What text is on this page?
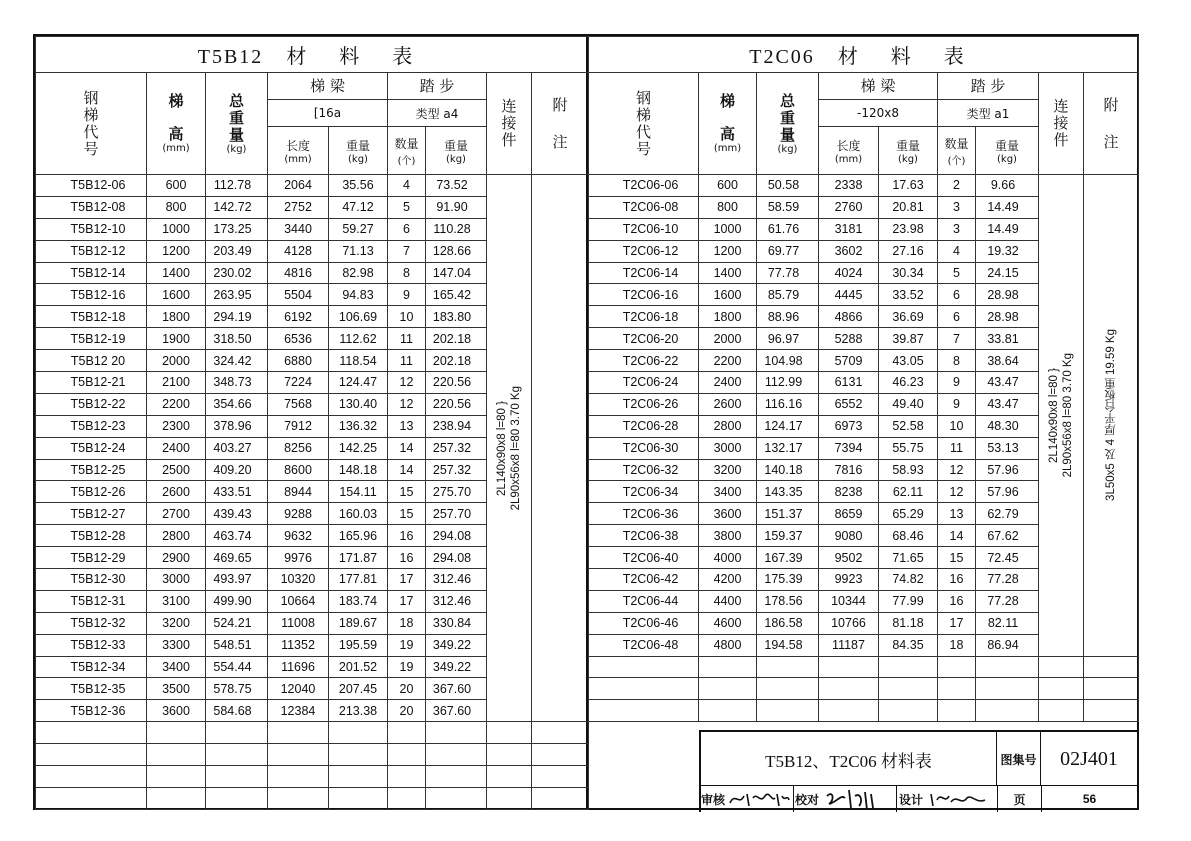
T5B12 材 料 表								

钢
梯
代
号	梯
高
(mm)	总
重
量
(kg)	梯 梁		踏 步		连
接
件	附
注

			[16a		类型 a4			

			长度
(mm)	重量
(kg)	数量
(个)	重量
(kg)		

T5B12-06	600	112.78	2064	35.56	4	73.52	2L140x90x8 l=80 } 2L90x56x8 l=80 3.70 Kg	

T5B12-08	800	142.72	2752	47.12	5	91.90		
T5B12-10	1000	173.25	3440	59.27	6	110.28		
T5B12-12	1200	203.49	4128	71.13	7	128.66		
T5B12-14	1400	230.02	4816	82.98	8	147.04		
T5B12-16	1600	263.95	5504	94.83	9	165.42		
T5B12-18	1800	294.19	6192	106.69	10	183.80		
T5B12-19	1900	318.50	6536	112.62	11	202.18		
T5B12 20	2000	324.42	6880	118.54	11	202.18		
T5B12-21	2100	348.73	7224	124.47	12	220.56		
T5B12-22	2200	354.66	7568	130.40	12	220.56		
T5B12-23	2300	378.96	7912	136.32	13	238.94		
T5B12-24	2400	403.27	8256	142.25	14	257.32		
T5B12-25	2500	409.20	8600	148.18	14	257.32		
T5B12-26	2600	433.51	8944	154.11	15	275.70		
T5B12-27	2700	439.43	9288	160.03	15	257.70		
T5B12-28	2800	463.74	9632	165.96	16	294.08		
T5B12-29	2900	469.65	9976	171.87	16	294.08		
T5B12-30	3000	493.97	10320	177.81	17	312.46		
T5B12-31	3100	499.90	10664	183.74	17	312.46		
T5B12-32	3200	524.21	11008	189.67	18	330.84		
T5B12-33	3300	548.51	11352	195.59	19	349.22		
T5B12-34	3400	554.44	11696	201.52	19	349.22		
T5B12-35	3500	578.75	12040	207.45	20	367.60		
T5B12-36	3600	584.68	12384	213.38	20	367.60		

T2C06 材 料 表								

钢
梯
代
号	梯
高
(mm)	总
重
量
(kg)	梯 梁		踏 步		连
接
件	附
注

			-120x8		类型 a1			

			长度
(mm)	重量
(kg)	数量
(个)	重量
(kg)		

T2C06-06	600	50.58	2338	17.63	2	9.66	2L140x90x8 l=80 } 2L90x56x8 l=80 3.70 Kg	3L50x5 及 4 厚平台板重 19.59 Kg

T2C06-08	800	58.59	2760	20.81	3	14.49		
T2C06-10	1000	61.76	3181	23.98	3	14.49		
T2C06-12	1200	69.77	3602	27.16	4	19.32		
T2C06-14	1400	77.78	4024	30.34	5	24.15		
T2C06-16	1600	85.79	4445	33.52	6	28.98		
T2C06-18	1800	88.96	4866	36.69	6	28.98		
T2C06-20	2000	96.97	5288	39.87	7	33.81		
T2C06-22	2200	104.98	5709	43.05	8	38.64		
T2C06-24	2400	112.99	6131	46.23	9	43.47		
T2C06-26	2600	116.16	6552	49.40	9	43.47		
T2C06-28	2800	124.17	6973	52.58	10	48.30		
T2C06-30	3000	132.17	7394	55.75	11	53.13		
T2C06-32	3200	140.18	7816	58.93	12	57.96		
T2C06-34	3400	143.35	8238	62.11	12	57.96		
T2C06-36	3600	151.37	8659	65.29	13	62.79		
T2C06-38	3800	159.37	9080	68.46	14	67.62		
T2C06-40	4000	167.39	9502	71.65	15	72.45		
T2C06-42	4200	175.39	9923	74.82	16	77.28		
T2C06-44	4400	178.56	10344	77.99	16	77.28		
T2C06-46	4600	186.58	10766	81.18	17	82.11		
T2C06-48	4800	194.58	11187	84.35	18	86.94		

T5B12、T2C06 材料表	图集号	02J401
审核	校对	设计	页	56
